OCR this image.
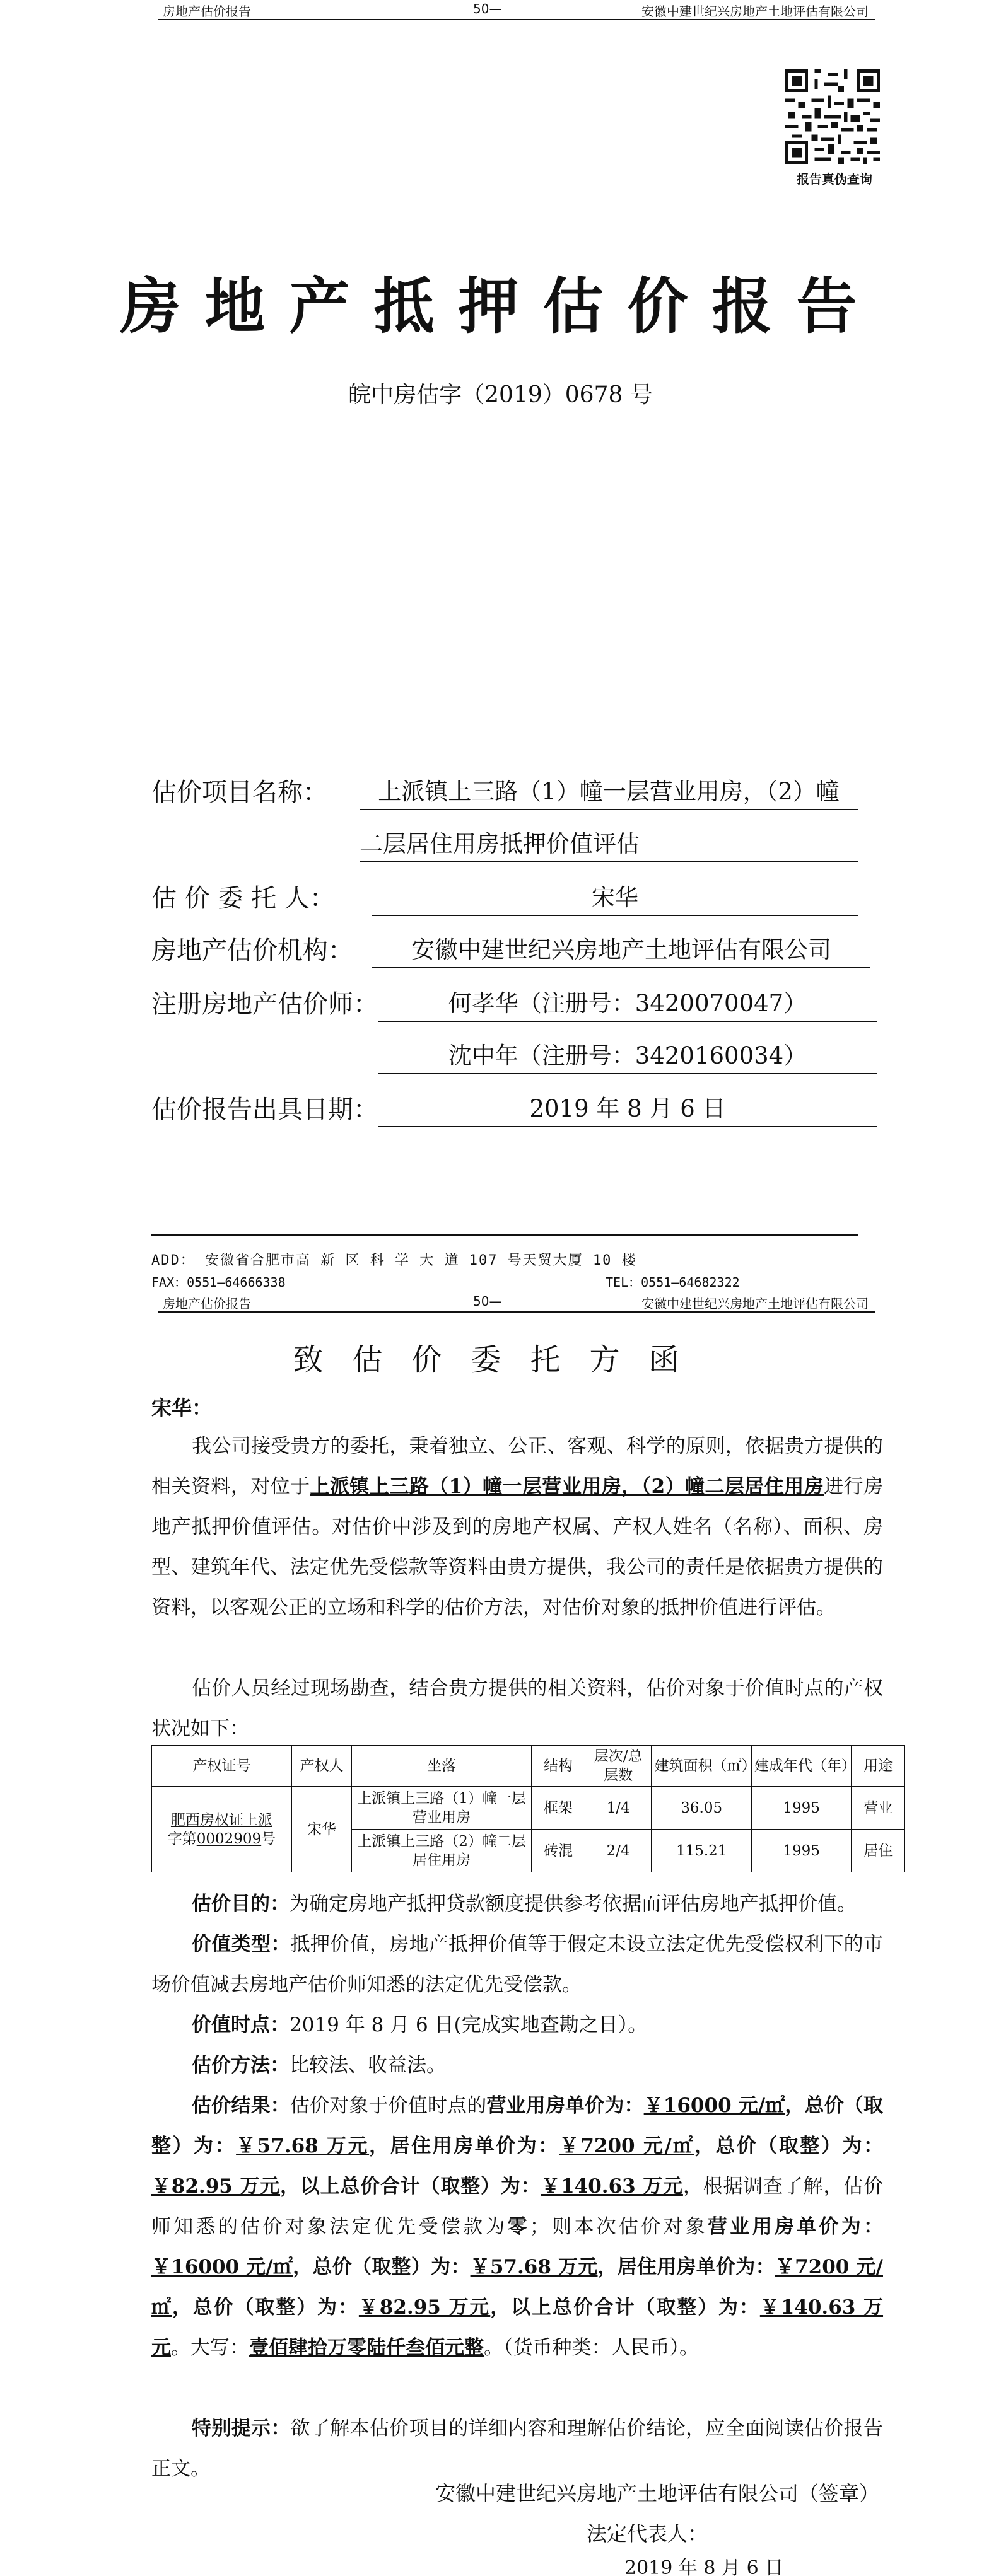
房地产估价报告	50—	安徽中建世纪兴房地产土地评估有限公司
报告真伪查询
房地产抵押估价报告
皖中房估字（2019）0678 号
估价项目名称：	上派镇上三路（1）幢一层营业用房，（2）幢
二层居住用房抵押价值评估
估 价 委 托 人：	宋华
房地产估价机构：	安徽中建世纪兴房地产土地评估有限公司
注册房地产估价师：	何孝华（注册号：3420070047）
沈中年（注册号：3420160034）
估价报告出具日期：	2019 年 8 月 6 日
ADD： 安徽省合肥市高 新 区 科 学 大 道 107 号天贸大厦 10 楼
FAX：0551—64666338	TEL：0551—64682322
房地产估价报告	50—	安徽中建世纪兴房地产土地评估有限公司
致估价委托方函
宋华：

我公司接受贵方的委托，秉着独立、公正、客观、科学的原则，依据贵方提供的相关资料，对位于上派镇上三路（1）幢一层营业用房，（2）幢二层居住用房进行房地产抵押价值评估。对估价中涉及到的房地产权属、产权人姓名（名称）、面积、房型、建筑年代、法定优先受偿款等资料由贵方提供，我公司的责任是依据贵方提供的资料，以客观公正的立场和科学的估价方法，对估价对象的抵押价值进行评估。

估价人员经过现场勘查，结合贵方提供的相关资料，估价对象于价值时点的产权状况如下：

产权证号	产权人	坐落	结构	层次/总层数	建筑面积（㎡）	建成年代（年）	用途
肥西房权证上派
字第0002909号	宋华	上派镇上三路（1）幢一层营业用房	框架	1/4	36.05	1995	营业
		上派镇上三路（2）幢二层居住用房	砖混	2/4	115.21	1995	居住

估价目的：为确定房地产抵押贷款额度提供参考依据而评估房地产抵押价值。

价值类型：抵押价值，房地产抵押价值等于假定未设立法定优先受偿权利下的市场价值减去房地产估价师知悉的法定优先受偿款。

价值时点：2019 年 8 月 6 日(完成实地查勘之日）。

估价方法：比较法、收益法。

估价结果：估价对象于价值时点的营业用房单价为：￥16000 元/㎡，总价（取整）为：￥57.68 万元，居住用房单价为：￥7200 元/㎡，总价（取整）为：￥82.95 万元，以上总价合计（取整）为：￥140.63 万元，根据调查了解，估价师知悉的估价对象法定优先受偿款为零；则本次估价对象营业用房单价为：￥16000 元/㎡，总价（取整）为：￥57.68 万元，居住用房单价为：￥7200 元/㎡，总价（取整）为：￥82.95 万元，以上总价合计（取整）为：￥140.63 万元。大写：壹佰肆拾万零陆仟叁佰元整。（货币种类：人民币）。

特别提示：欲了解本估价项目的详细内容和理解估价结论，应全面阅读估价报告正文。

安徽中建世纪兴房地产土地评估有限公司（签章）
法定代表人：
2019 年 8 月 6 日
